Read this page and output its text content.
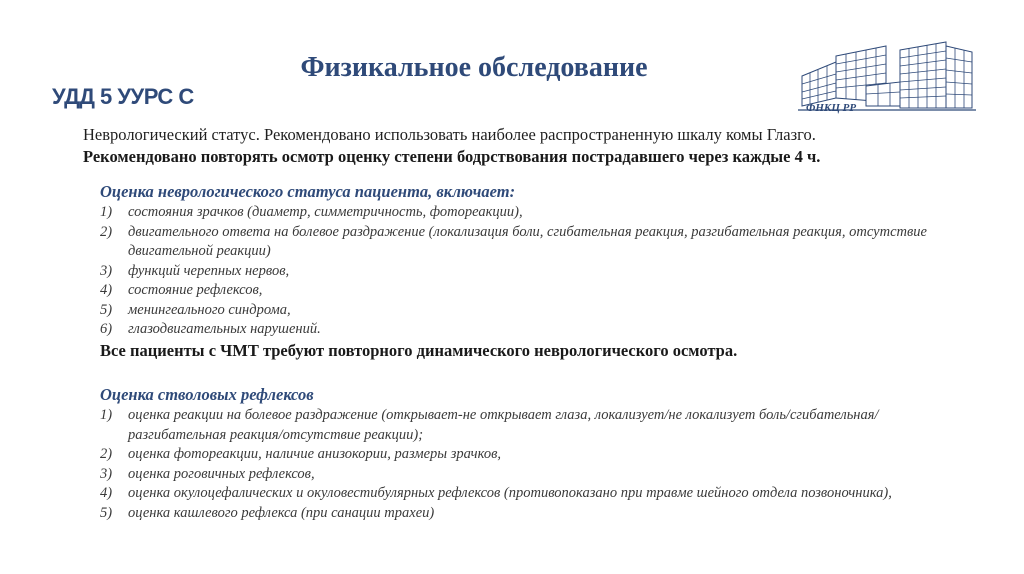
Физикальное обследование
УДД 5 УУРС С	ФНКЦ РР
Неврологический статус. Рекомендовано использовать наиболее распространенную шкалу комы Глазго.
Рекомендовано повторять осмотр оценку степени бодрствования пострадавшего через каждые 4 ч.
Оценка неврологического статуса пациента, включает:
1) состояния зрачков (диаметр, симметричность, фотореакции),
2) двигательного ответа на болевое раздражение (локализация боли, сгибательная реакция, разгибательная реакция, отсутствие двигательной реакции)
3) функций черепных нервов,
4) состояние рефлексов,
5) менингеального синдрома,
6) глазодвигательных нарушений.
Все пациенты с ЧМТ требуют повторного динамического неврологического осмотра.
Оценка стволовых рефлексов
1) оценка реакции на болевое раздражение (открывает-не открывает глаза, локализует/не локализует боль/сгибательная/разгибательная реакция/отсутствие реакции);
2) оценка фотореакции, наличие анизокории, размеры зрачков,
3) оценка роговичных рефлексов,
4) оценка окулоцефалических и окуловестибулярных рефлексов (противопоказано при травме шейного отдела позвоночника),
5) оценка кашлевого рефлекса (при санации трахеи)
